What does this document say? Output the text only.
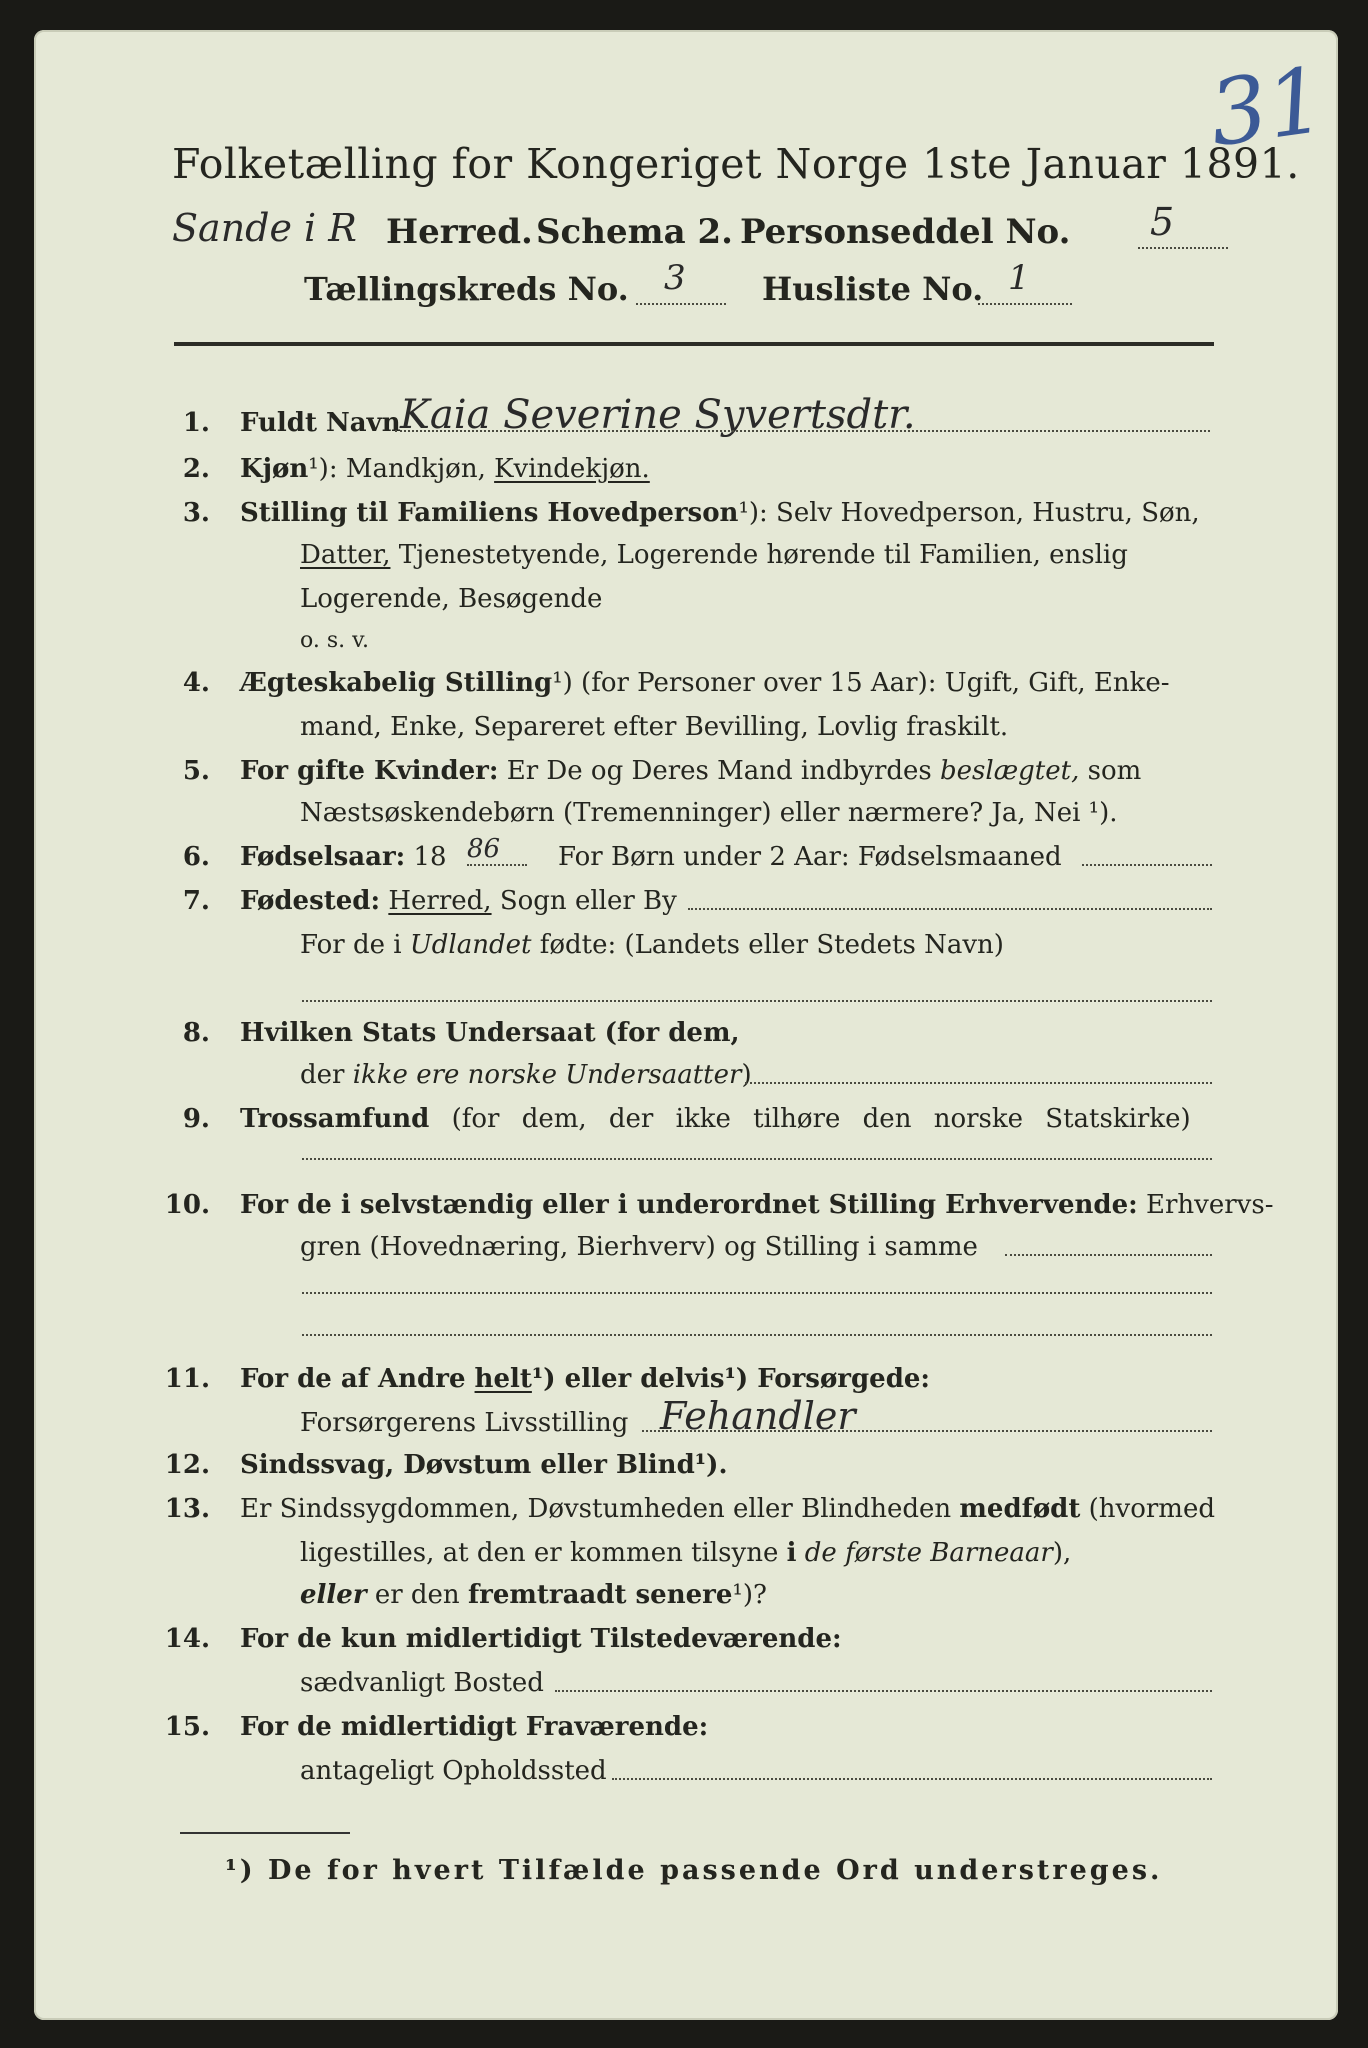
31
Folketælling for Kongeriget Norge 1ste Januar 1891.
Sande i R Herred. Schema 2. Personseddel No. 5
Tællingskreds No. 3 Husliste No. 1
1. Fuldt Navn Kaia Severine Syvertsdtr.
2. Kjøn¹): Mandkjøn, Kvindekjøn.
3. Stilling til Familiens Hovedperson¹): Selv Hovedperson, Hustru, Søn,
Datter, Tjenestetyende, Logerende hørende til Familien, enslig
Logerende, Besøgende
o. s. v.
4. Ægteskabelig Stilling¹) (for Personer over 15 Aar): Ugift, Gift, Enke-
mand, Enke, Separeret efter Bevilling, Lovlig fraskilt.
5. For gifte Kvinder: Er De og Deres Mand indbyrdes beslægtet, som
Næstsøskendebørn (Tremenninger) eller nærmere? Ja, Nei ¹).
6. Fødselsaar: 18 86 For Børn under 2 Aar: Fødselsmaaned
7. Fødested: Herred, Sogn eller By
For de i Udlandet fødte: (Landets eller Stedets Navn)
8. Hvilken Stats Undersaat (for dem,
der ikke ere norske Undersaatter)
9. Trossamfund (for dem, der ikke tilhøre den norske Statskirke)
10. For de i selvstændig eller i underordnet Stilling Erhvervende: Erhvervs-
gren (Hovednæring, Bierhverv) og Stilling i samme
11. For de af Andre helt¹) eller delvis¹) Forsørgede:
Forsørgerens Livsstilling Fehandler
12. Sindssvag, Døvstum eller Blind¹).
13. Er Sindssygdommen, Døvstumheden eller Blindheden medfødt (hvormed
ligestilles, at den er kommen tilsyne i de første Barneaar),
eller er den fremtraadt senere¹)?
14. For de kun midlertidigt Tilstedeværende:
sædvanligt Bosted
15. For de midlertidigt Fraværende:
antageligt Opholdssted
¹) De for hvert Tilfælde passende Ord understreges.
